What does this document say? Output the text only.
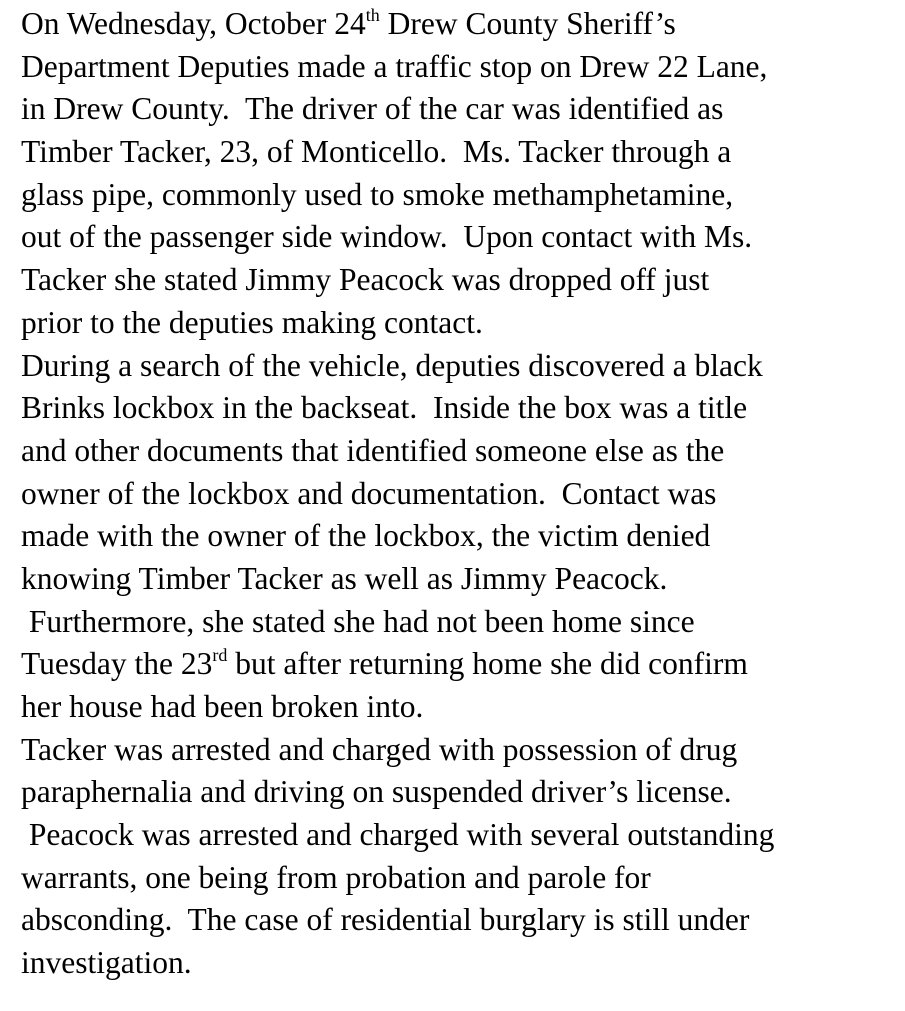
On Wednesday, October 24th Drew County Sheriff’s
Department Deputies made a traffic stop on Drew 22 Lane,
in Drew County.  The driver of the car was identified as
Timber Tacker, 23, of Monticello.  Ms. Tacker through a
glass pipe, commonly used to smoke methamphetamine,
out of the passenger side window.  Upon contact with Ms.
Tacker she stated Jimmy Peacock was dropped off just
prior to the deputies making contact.
During a search of the vehicle, deputies discovered a black
Brinks lockbox in the backseat.  Inside the box was a title
and other documents that identified someone else as the
owner of the lockbox and documentation.  Contact was
made with the owner of the lockbox, the victim denied
knowing Timber Tacker as well as Jimmy Peacock.
Furthermore, she stated she had not been home since
Tuesday the 23rd but after returning home she did confirm
her house had been broken into.
Tacker was arrested and charged with possession of drug
paraphernalia and driving on suspended driver’s license.
Peacock was arrested and charged with several outstanding
warrants, one being from probation and parole for
absconding.  The case of residential burglary is still under
investigation.
